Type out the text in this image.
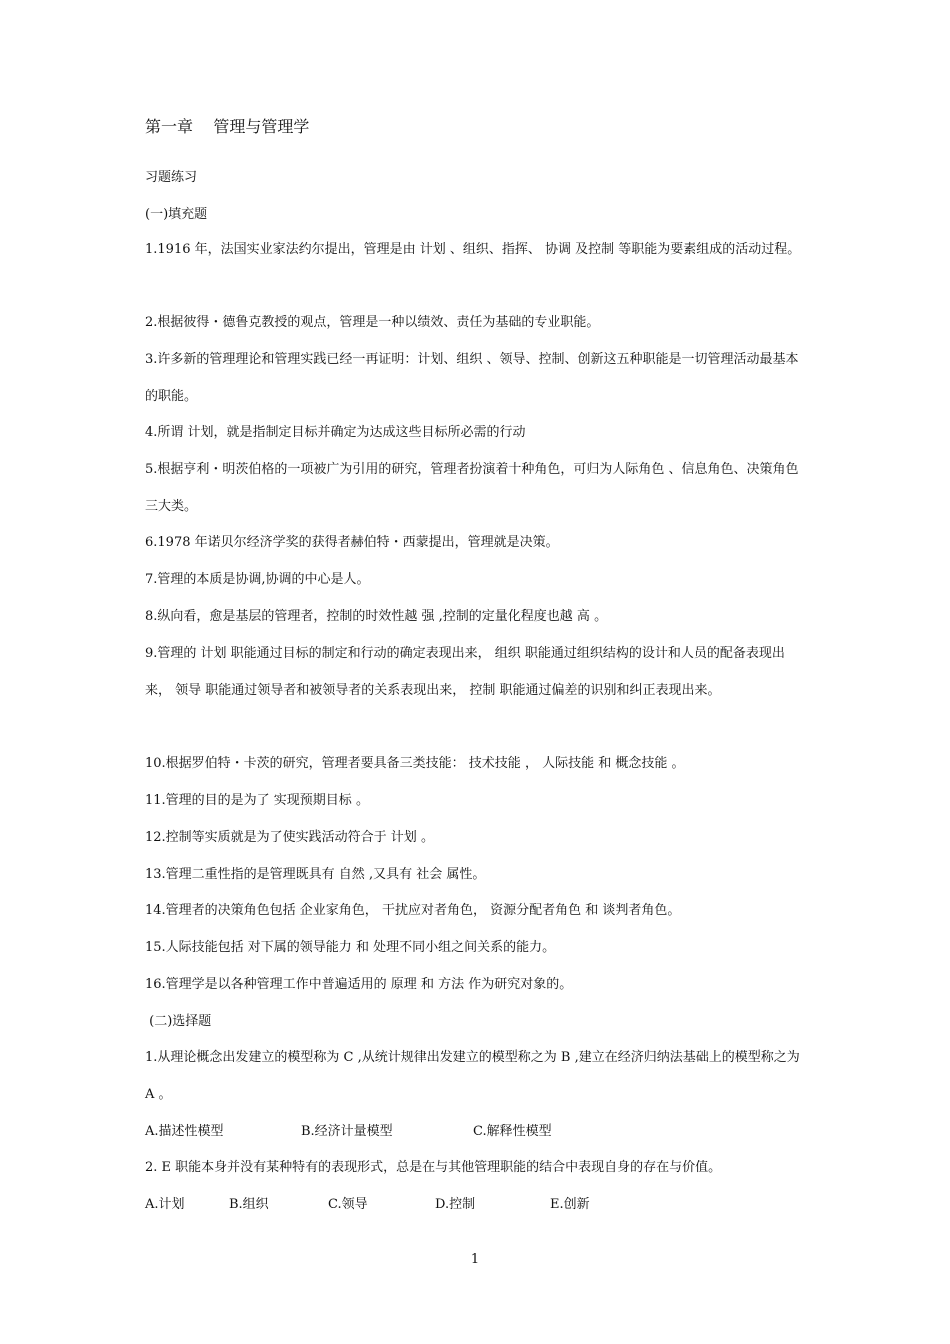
第一章    管理与管理学
习题练习
(一)填充题
1.1916 年，法国实业家法约尔提出，管理是由 计划 、组织、指挥、 协调 及控制 等职能为要素组成的活动过程。
2.根据彼得・德鲁克教授的观点，管理是一种以绩效、责任为基础的专业职能。
3.许多新的管理理论和管理实践已经一再证明：计划、组织 、领导、控制、创新这五种职能是一切管理活动最基本的职能。
4.所谓 计划，就是指制定目标并确定为达成这些目标所必需的行动
5.根据亨利・明茨伯格的一项被广为引用的研究，管理者扮演着十种角色，可归为人际角色 、信息角色、决策角色三大类。
6.1978 年诺贝尔经济学奖的获得者赫伯特・西蒙提出，管理就是决策。
7.管理的本质是协调,协调的中心是人。
8.纵向看，愈是基层的管理者，控制的时效性越 强 ,控制的定量化程度也越 高 。
9.管理的 计划 职能通过目标的制定和行动的确定表现出来， 组织 职能通过组织结构的设计和人员的配备表现出来， 领导 职能通过领导者和被领导者的关系表现出来， 控制 职能通过偏差的识别和纠正表现出来。
10.根据罗伯特・卡茨的研究，管理者要具备三类技能： 技术技能 ， 人际技能 和 概念技能 。
11.管理的目的是为了 实现预期目标 。
12.控制等实质就是为了使实践活动符合于 计划 。
13.管理二重性指的是管理既具有 自然 ,又具有 社会 属性。
14.管理者的决策角色包括 企业家角色， 干扰应对者角色， 资源分配者角色 和 谈判者角色。
15.人际技能包括 对下属的领导能力 和 处理不同小组之间关系的能力。
16.管理学是以各种管理工作中普遍适用的 原理 和 方法 作为研究对象的。
(二)选择题
1.从理论概念出发建立的模型称为 C ,从统计规律出发建立的模型称之为 B ,建立在经济归纳法基础上的模型称之为 A 。
A.描述性模型	B.经济计量模型	C.解释性模型
2. E 职能本身并没有某种特有的表现形式，总是在与其他管理职能的结合中表现自身的存在与价值。
A.计划	B.组织	C.领导	D.控制	E.创新
1
